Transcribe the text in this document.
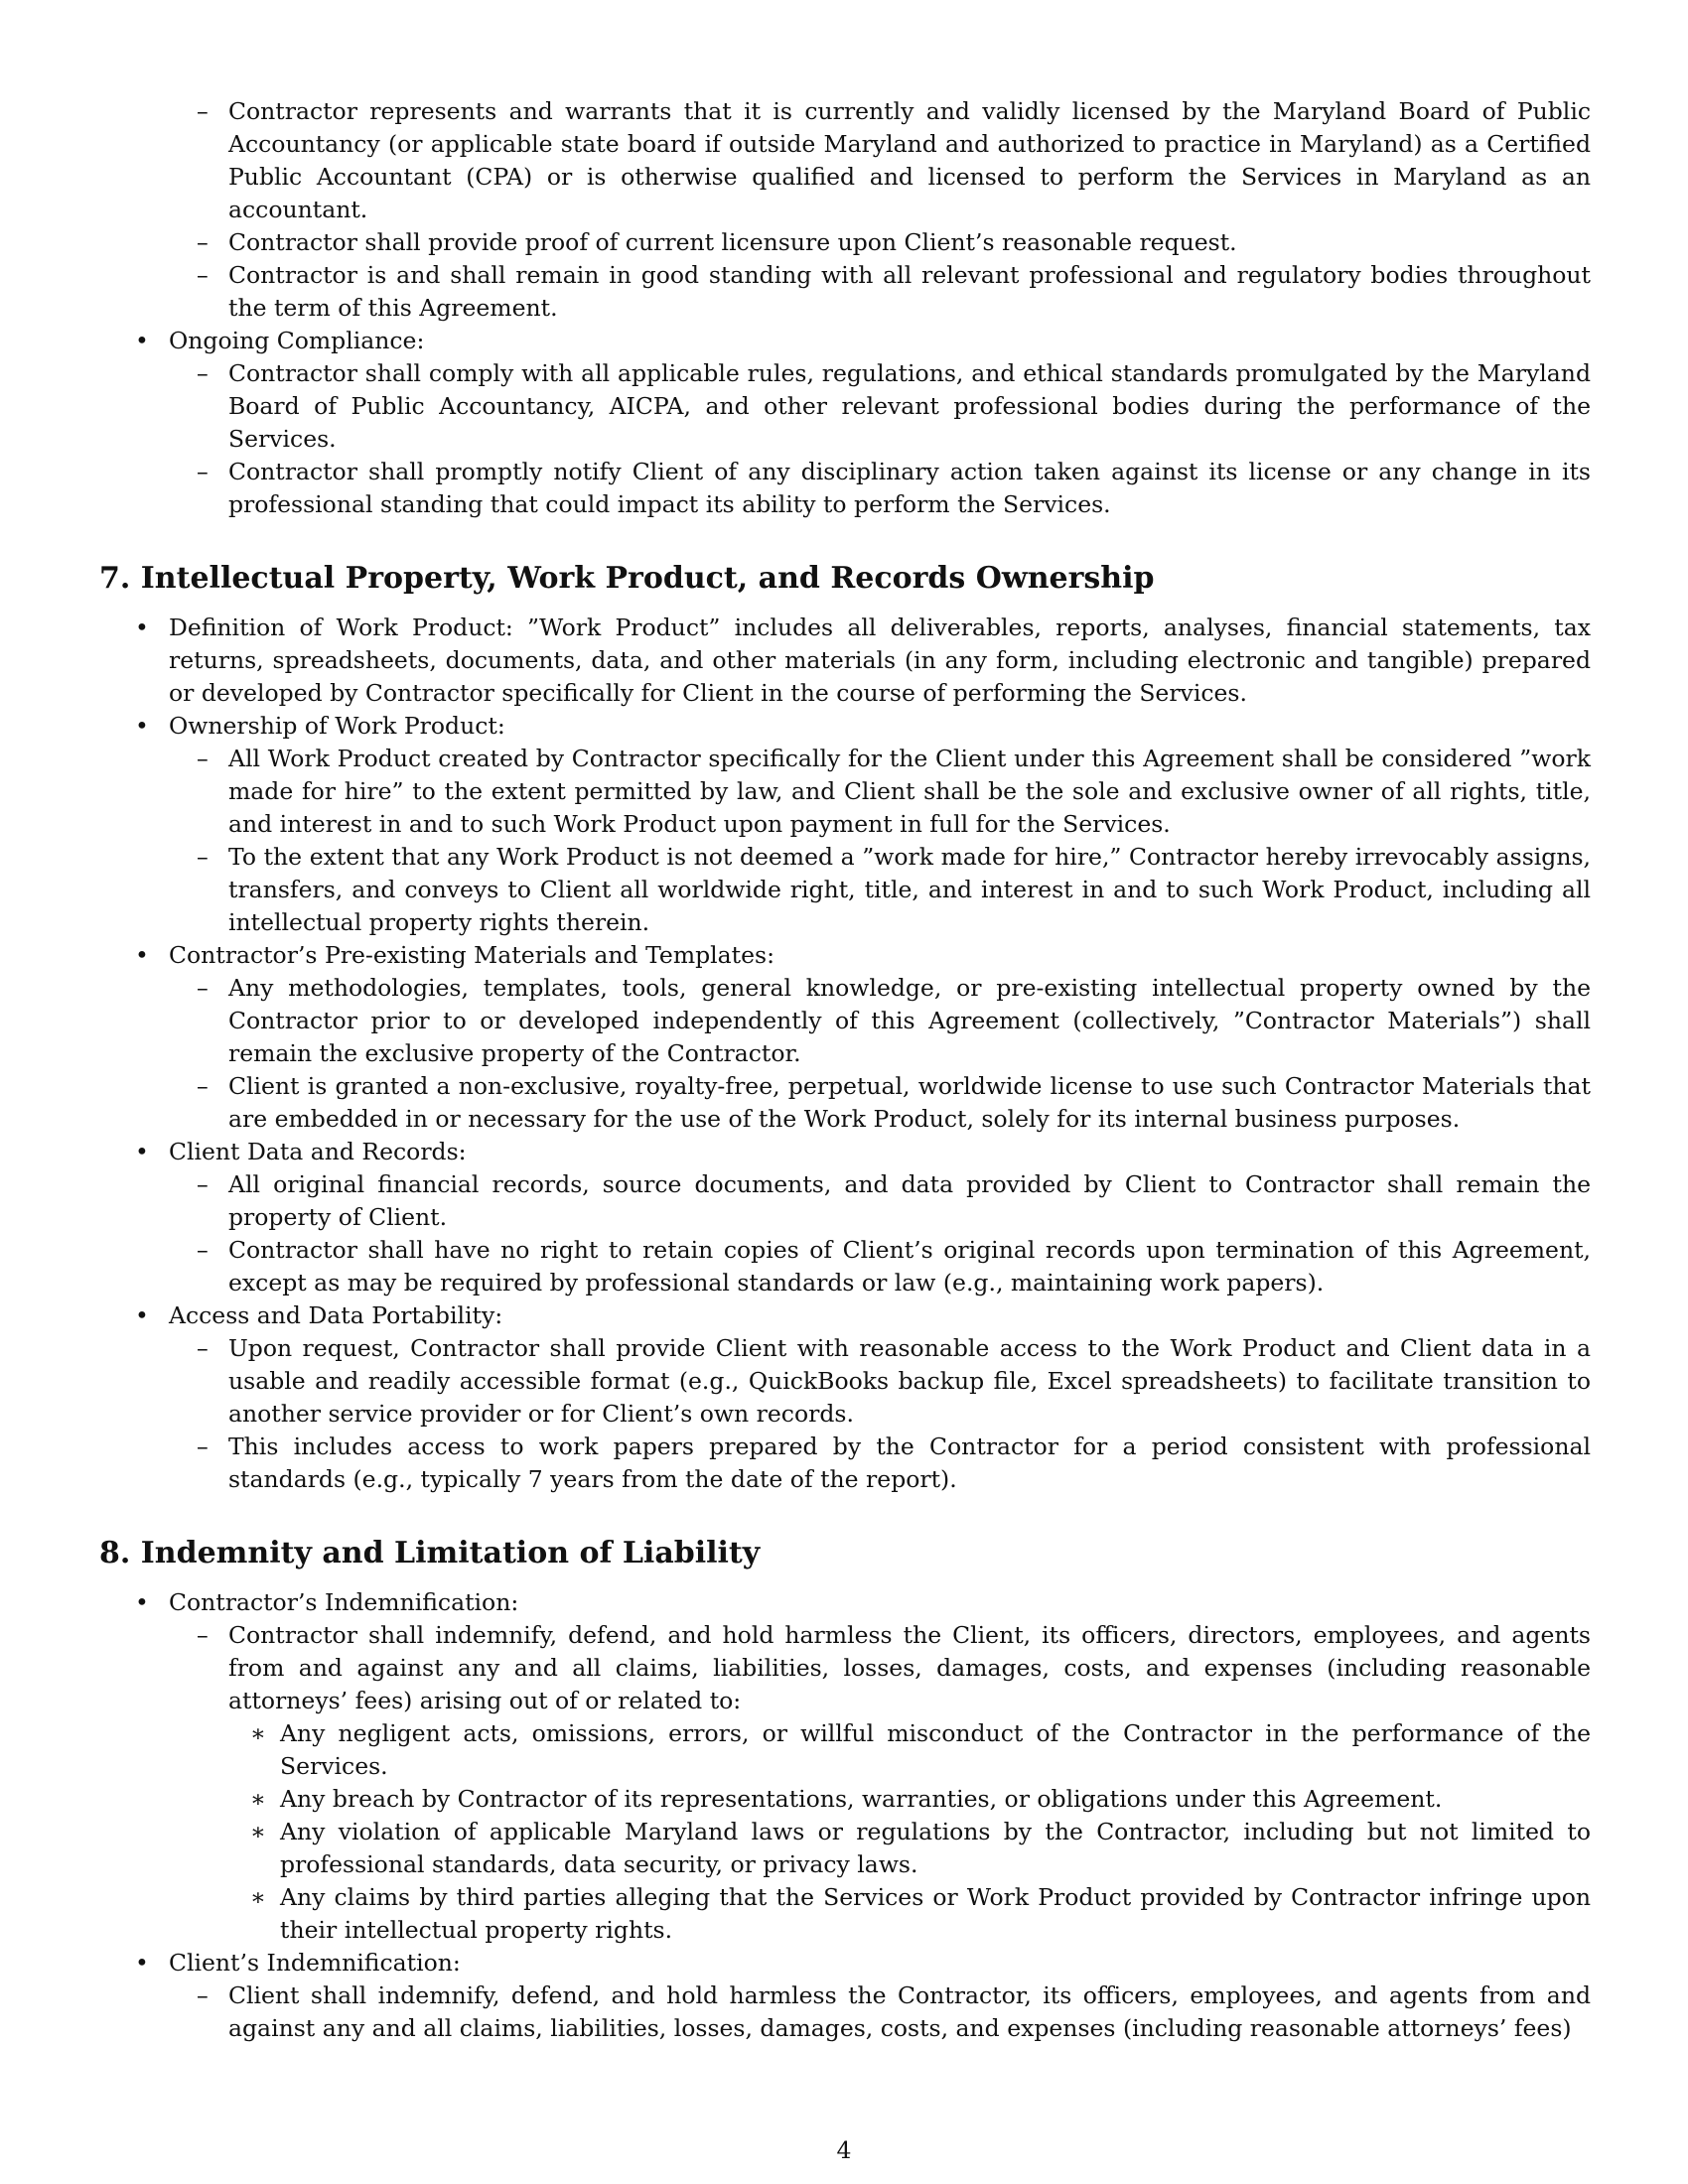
– Contractor represents and warrants that it is currently and validly licensed by the Maryland Board of Public Accountancy (or applicable state board if outside Maryland and authorized to practice in Maryland) as a Certified Public Accountant (CPA) or is otherwise qualified and licensed to perform the Services in Maryland as an accountant.

– Contractor shall provide proof of current licensure upon Client’s reasonable request.

– Contractor is and shall remain in good standing with all relevant professional and regulatory bodies throughout the term of this Agreement.

• Ongoing Compliance:

– Contractor shall comply with all applicable rules, regulations, and ethical standards promulgated by the Maryland Board of Public Accountancy, AICPA, and other relevant professional bodies during the performance of the Services.

– Contractor shall promptly notify Client of any disciplinary action taken against its license or any change in its professional standing that could impact its ability to perform the Services.

7. Intellectual Property, Work Product, and Records Ownership

• Definition of Work Product: ”Work Product” includes all deliverables, reports, analyses, financial statements, tax returns, spreadsheets, documents, data, and other materials (in any form, including electronic and tangible) prepared or developed by Contractor specifically for Client in the course of performing the Services.

• Ownership of Work Product:

– All Work Product created by Contractor specifically for the Client under this Agreement shall be considered ”work made for hire” to the extent permitted by law, and Client shall be the sole and exclusive owner of all rights, title, and interest in and to such Work Product upon payment in full for the Services.

– To the extent that any Work Product is not deemed a ”work made for hire,” Contractor hereby irrevocably assigns, transfers, and conveys to Client all worldwide right, title, and interest in and to such Work Product, including all intellectual property rights therein.

• Contractor’s Pre-existing Materials and Templates:

– Any methodologies, templates, tools, general knowledge, or pre-existing intellectual property owned by the Contractor prior to or developed independently of this Agreement (collectively, ”Contractor Materials”) shall remain the exclusive property of the Contractor.

– Client is granted a non-exclusive, royalty-free, perpetual, worldwide license to use such Contractor Materials that are embedded in or necessary for the use of the Work Product, solely for its internal business purposes.

• Client Data and Records:

– All original financial records, source documents, and data provided by Client to Contractor shall remain the property of Client.

– Contractor shall have no right to retain copies of Client’s original records upon termination of this Agreement, except as may be required by professional standards or law (e.g., maintaining work papers).

• Access and Data Portability:

– Upon request, Contractor shall provide Client with reasonable access to the Work Product and Client data in a usable and readily accessible format (e.g., QuickBooks backup file, Excel spreadsheets) to facilitate transition to another service provider or for Client’s own records.

– This includes access to work papers prepared by the Contractor for a period consistent with professional standards (e.g., typically 7 years from the date of the report).

8. Indemnity and Limitation of Liability

• Contractor’s Indemnification:

– Contractor shall indemnify, defend, and hold harmless the Client, its officers, directors, employees, and agents from and against any and all claims, liabilities, losses, damages, costs, and expenses (including reasonable attorneys’ fees) arising out of or related to:

∗ Any negligent acts, omissions, errors, or willful misconduct of the Contractor in the performance of the Services.

∗ Any breach by Contractor of its representations, warranties, or obligations under this Agreement.

∗ Any violation of applicable Maryland laws or regulations by the Contractor, including but not limited to professional standards, data security, or privacy laws.

∗ Any claims by third parties alleging that the Services or Work Product provided by Contractor infringe upon their intellectual property rights.

• Client’s Indemnification:

– Client shall indemnify, defend, and hold harmless the Contractor, its officers, employees, and agents from and against any and all claims, liabilities, losses, damages, costs, and expenses (including reasonable attorneys’ fees)

4
